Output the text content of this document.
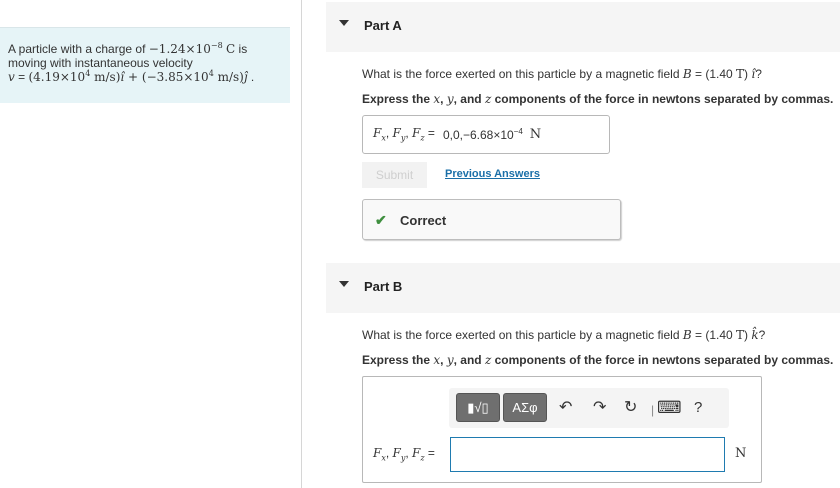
A particle with a charge of $-1.24\times 10^{-8}$ C is
moving with instantaneous velocity
$v = (4.19\times 10^4$ m/s)î + ($-3.85\times 10^4$ m/s)ĵ .
Part A
What is the force exerted on this particle by a magnetic field B = (1.40 T) î?
Express the x, y, and z components of the force in newtons separated by commas.
$F_x$, $F_y$, $F_z = 0,0,-6.68\times 10^{-4}$ N
Submit	Previous Answers
✔ Correct
Part B
What is the force exerted on this particle by a magnetic field B = (1.40 T) k̂?
Express the x, y, and z components of the force in newtons separated by commas.
▮√▯ ΑΣφ ↶ ↷ ↻ | ⌨ ?
$F_x$, $F_y$, $F_z$ =	N
